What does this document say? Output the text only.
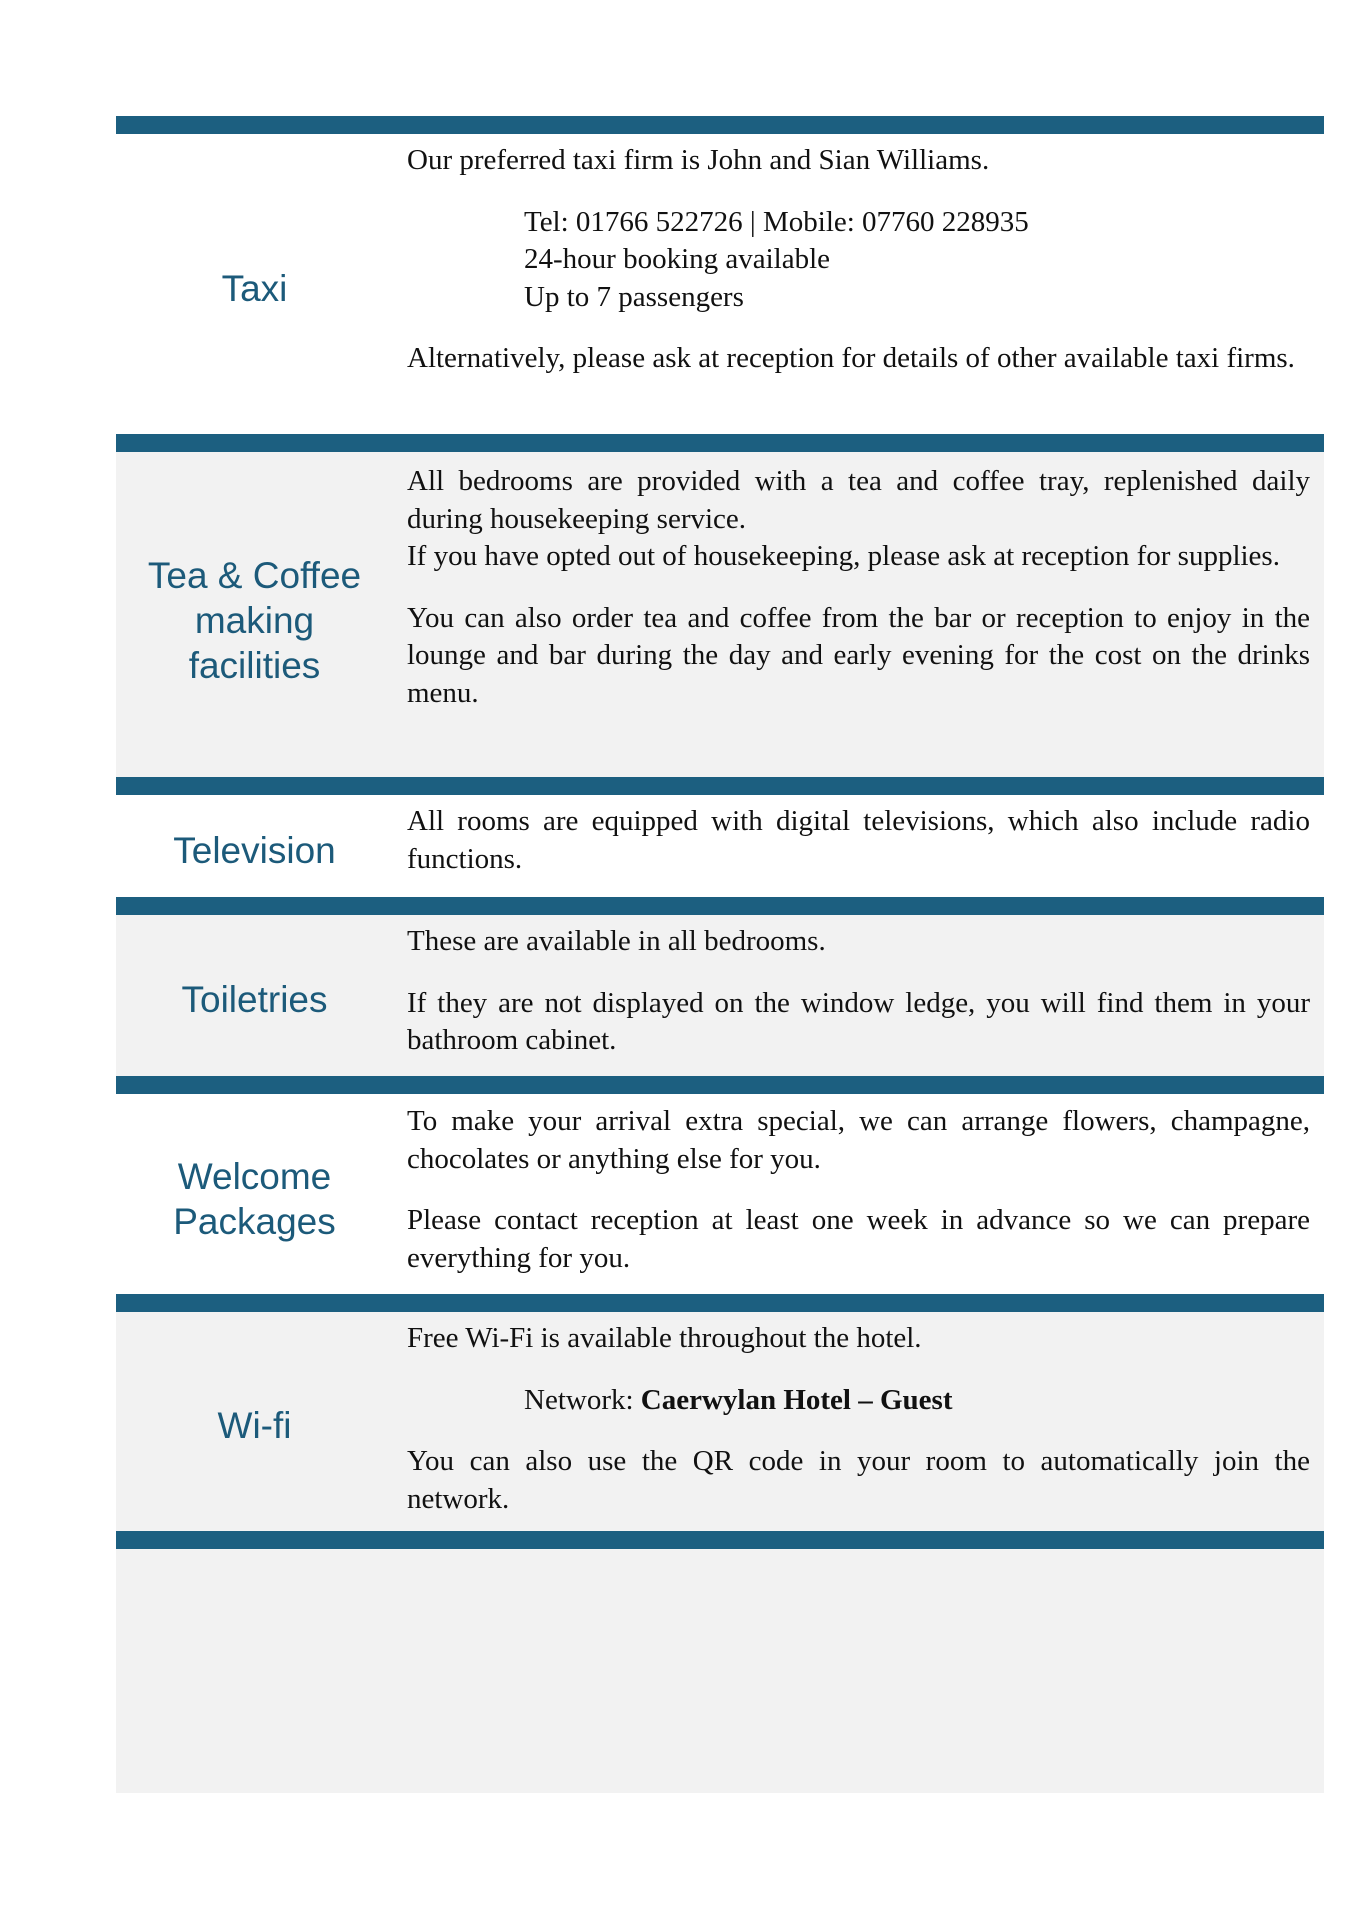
Taxi

Our preferred taxi firm is John and Sian Williams.

Tel: 01766 522726 | Mobile: 07760 228935

24-hour booking available

Up to 7 passengers

Alternatively, please ask at reception for details of other available taxi firms.

Tea & Coffee
making
facilities

All bedrooms are provided with a tea and coffee tray, replenished daily during housekeeping service.

If you have opted out of housekeeping, please ask at reception for supplies.

You can also order tea and coffee from the bar or reception to enjoy in the lounge and bar during the day and early evening for the cost on the drinks menu.

Television

All rooms are equipped with digital televisions, which also include radio functions.

Toiletries

These are available in all bedrooms.

If they are not displayed on the window ledge, you will find them in your bathroom cabinet.

Welcome
Packages

To make your arrival extra special, we can arrange flowers, champagne, chocolates or anything else for you.

Please contact reception at least one week in advance so we can prepare everything for you.

Wi-fi

Free Wi-Fi is available throughout the hotel.

Network: Caerwylan Hotel – Guest

You can also use the QR code in your room to automatically join the network.
